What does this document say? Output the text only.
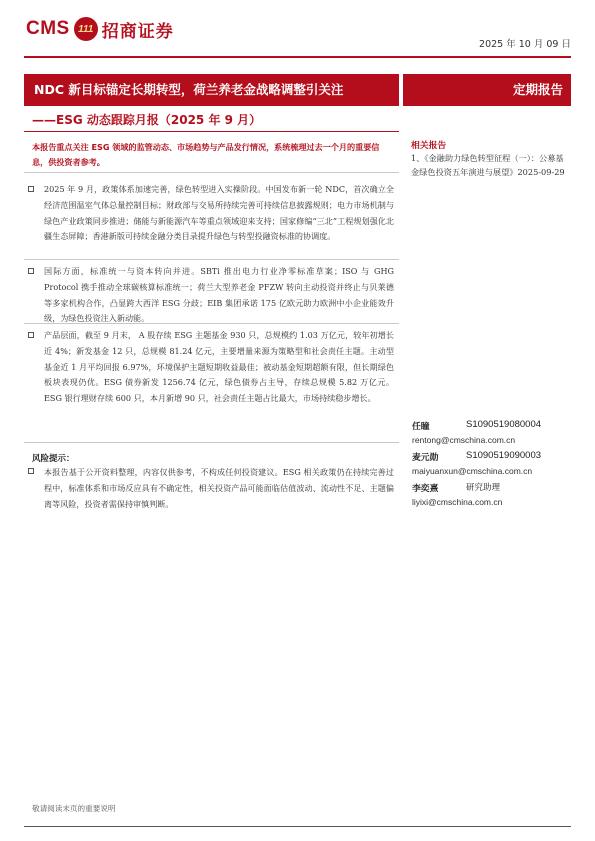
CMS 111 招商证券
2025 年 10 月 09 日
NDC 新目标锚定长期转型，荷兰养老金战略调整引关注	定期报告
——ESG 动态跟踪月报（2025 年 9 月）
本报告重点关注 ESG 领域的监管动态、市场趋势与产品发行情况，系统梳理过去一个月的重要信息，供投资者参考。
2025 年 9 月，政策体系加速完善，绿色转型进入实操阶段。中国发布新一轮 NDC，首次确立全经济范围温室气体总量控制目标；财政部与交易所持续完善可持续信息披露规则；电力市场机制与绿色产业政策同步推进；储能与新能源汽车等重点领域迎来支持；国家修编“三北”工程规划强化北疆生态屏障；香港新版可持续金融分类目录提升绿色与转型投融资标准的协调度。
国际方面，标准统一与资本转向并进。SBTi 推出电力行业净零标准草案；ISO 与 GHG Protocol 携手推动全球碳核算标准统一；荷兰大型养老金 PFZW 转向主动投资并终止与贝莱德等多家机构合作，凸显跨大西洋 ESG 分歧；EIB 集团承诺 175 亿欧元助力欧洲中小企业能效升级，为绿色投资注入新动能。
产品层面，截至 9 月末， A 股存续 ESG 主题基金 930 只，总规模约 1.03 万亿元，较年初增长近 4%；新发基金 12 只，总规模 81.24 亿元，主要增量来源为策略型和社会责任主题。主动型基金近 1 月平均回报 6.97%，环境保护主题短期收益最佳；被动基金短期超额有限，但长期绿色板块表现仍优。ESG 债券新发 1256.74 亿元，绿色债券占主导，存续总规模 5.82 万亿元。ESG 银行理财存续 600 只，本月新增 90 只，社会责任主题占比最大，市场持续稳步增长。
风险提示：
本报告基于公开资料整理，内容仅供参考，不构成任何投资建议。ESG 相关政策仍在持续完善过程中，标准体系和市场反应具有不确定性，相关投资产品可能面临估值波动、流动性不足、主题偏离等风险，投资者需保持审慎判断。
相关报告
1、《金融助力绿色转型征程（一）：公募基金绿色投资五年演进与展望》2025-09-29
任瞳	S1090519080004
rentong@cmschina.com.cn
麦元勋	S1090519090003
maiyuanxun@cmschina.com.cn
李奕熹	研究助理
liyixi@cmschina.com.cn
敬请阅读末页的重要说明
